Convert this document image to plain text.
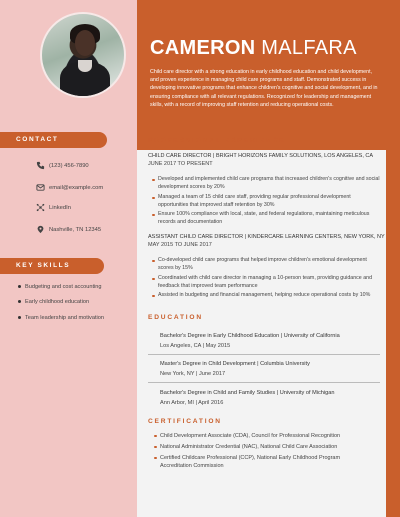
CAMERON MALFARA
Child care director with a strong education in early childhood education and child development, and proven experience in managing child care programs and staff. Demonstrated success in developing innovative programs that enhance children's cognitive and social development, and in ensuring compliance with all relevant regulations. Recognized for leadership and management skills, with a record of improving staff retention and reducing operational costs.
CONTACT
(123) 456-7890
email@example.com
LinkedIn
Nashville, TN 12345
KEY SKILLS
Budgeting and cost accounting
Early childhood education
Team leadership and motivation
PROFESSIONAL EXPERIENCE
CHILD CARE DIRECTOR | BRIGHT HORIZONS FAMILY SOLUTIONS, LOS ANGELES, CA
JUNE 2017 TO PRESENT
Developed and implemented child care programs that increased children's cognitive and social development scores by 20%
Managed a team of 15 child care staff, providing regular professional development opportunities that improved staff retention by 30%
Ensure 100% compliance with local, state, and federal regulations, maintaining meticulous records and documentation
ASSISTANT CHILD CARE DIRECTOR | KINDERCARE LEARNING CENTERS, NEW YORK, NY
MAY 2015 TO JUNE 2017
Co-developed child care programs that helped improve children's emotional development scores by 15%
Coordinated with child care director in managing a 10-person team, providing guidance and feedback that improved team performance
Assisted in budgeting and financial management, helping reduce operational costs by 10%
EDUCATION
Bachelor's Degree in Early Childhood Education | University of California
Los Angeles, CA | May 2015
Master's Degree in Child Development | Columbia University
New York, NY | June 2017
Bachelor's Degree in Child and Family Studies | University of Michigan
Ann Arbor, MI | April 2016
CERTIFICATION
Child Development Associate (CDA), Council for Professional Recognition
National Administrator Credential (NAC), National Child Care Association
Certified Childcare Professional (CCP), National Early Childhood Program Accreditation Commission
